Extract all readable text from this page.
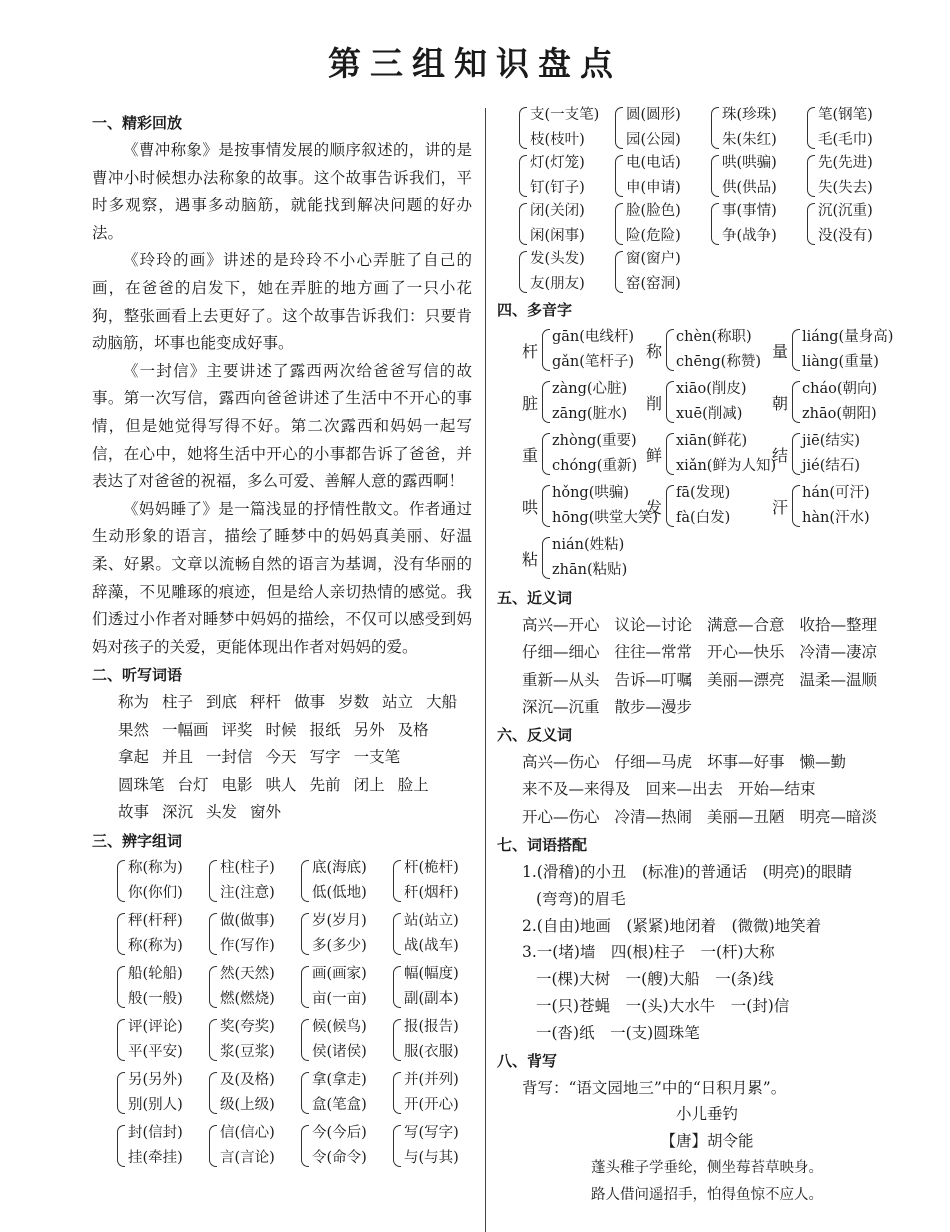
第三组知识盘点
一、精彩回放

《曹冲称象》是按事情发展的顺序叙述的，讲的是曹冲小时候想办法称象的故事。这个故事告诉我们，平时多观察，遇事多动脑筋，就能找到解决问题的好办法。

《玲玲的画》讲述的是玲玲不小心弄脏了自己的画，在爸爸的启发下，她在弄脏的地方画了一只小花狗，整张画看上去更好了。这个故事告诉我们：只要肯动脑筋，坏事也能变成好事。

《一封信》主要讲述了露西两次给爸爸写信的故事。第一次写信，露西向爸爸讲述了生活中不开心的事情，但是她觉得写得不好。第二次露西和妈妈一起写信，在心中，她将生活中开心的小事都告诉了爸爸，并表达了对爸爸的祝福，多么可爱、善解人意的露西啊！

《妈妈睡了》是一篇浅显的抒情性散文。作者通过生动形象的语言，描绘了睡梦中的妈妈真美丽、好温柔、好累。文章以流畅自然的语言为基调，没有华丽的辞藻，不见雕琢的痕迹，但是给人亲切热情的感觉。我们透过小作者对睡梦中妈妈的描绘，不仅可以感受到妈妈对孩子的关爱，更能体现出作者对妈妈的爱。

二、听写词语
称为 柱子 到底 秤杆 做事 岁数 站立 大船
果然 一幅画 评奖 时候 报纸 另外 及格
拿起 并且 一封信 今天 写字 一支笔
圆珠笔 台灯 电影 哄人 先前 闭上 脸上
故事 深沉 头发 窗外
三、辨字组词
称(称为)
你(你们)
柱(柱子)
注(注意)
底(海底)
低(低地)
杆(桅杆)
秆(烟秆)
秤(杆秤)
称(称为)
做(做事)
作(写作)
岁(岁月)
多(多少)
站(站立)
战(战车)
船(轮船)
般(一般)
然(天然)
燃(燃烧)
画(画家)
亩(一亩)
幅(幅度)
副(副本)
评(评论)
平(平安)
奖(夸奖)
浆(豆浆)
候(候鸟)
侯(诸侯)
报(报告)
服(衣服)
另(另外)
别(别人)
及(及格)
级(上级)
拿(拿走)
盒(笔盒)
并(并列)
开(开心)
封(信封)
挂(牵挂)
信(信心)
言(言论)
今(今后)
令(命令)
写(写字)
与(与其)
支(一支笔)
枝(枝叶)
圆(圆形)
园(公园)
珠(珍珠)
朱(朱红)
笔(钢笔)
毛(毛巾)
灯(灯笼)
钉(钉子)
电(电话)
申(申请)
哄(哄骗)
供(供品)
先(先进)
失(失去)
闭(关闭)
闲(闲事)
脸(脸色)
险(危险)
事(事情)
争(战争)
沉(沉重)
没(没有)
发(头发)
友(朋友)
窗(窗户)
窑(窑洞)
四、多音字
杆
gān(电线杆)
gǎn(笔杆子)
称
chèn(称职)
chēng(称赞)
量
liáng(量身高)
liàng(重量)
脏
zàng(心脏)
zāng(脏水)
削
xiāo(削皮)
xuē(削减)
朝
cháo(朝向)
zhāo(朝阳)
重
zhòng(重要)
chóng(重新)
鲜
xiān(鲜花)
xiǎn(鲜为人知)
结
jiē(结实)
jié(结石)
哄
hǒng(哄骗)
hōng(哄堂大笑)
发
fā(发现)
fà(白发)
汗
hán(可汗)
hàn(汗水)
粘
nián(姓粘)
zhān(粘贴)
五、近义词
高兴—开心 议论—讨论 满意—合意 收拾—整理
仔细—细心 往往—常常 开心—快乐 冷清—凄凉
重新—从头 告诉—叮嘱 美丽—漂亮 温柔—温顺
深沉—沉重 散步—漫步
六、反义词
高兴—伤心 仔细—马虎 坏事—好事 懒—勤
来不及—来得及 回来—出去 开始—结束
开心—伤心 冷清—热闹 美丽—丑陋 明亮—暗淡
七、词语搭配
1.(滑稽)的小丑　(标准)的普通话　(明亮)的眼睛
(弯弯)的眉毛
2.(自由)地画　(紧紧)地闭着　(微微)地笑着
3.一(堵)墙　四(根)柱子　一(杆)大称
一(棵)大树　一(艘)大船　一(条)线
一(只)苍蝇　一(头)大水牛　一(封)信
一(沓)纸　一(支)圆珠笔
八、背写
背写：“语文园地三”中的“日积月累”。
小儿垂钓
【唐】胡令能
蓬头稚子学垂纶，侧坐莓苔草映身。
路人借问遥招手，怕得鱼惊不应人。
